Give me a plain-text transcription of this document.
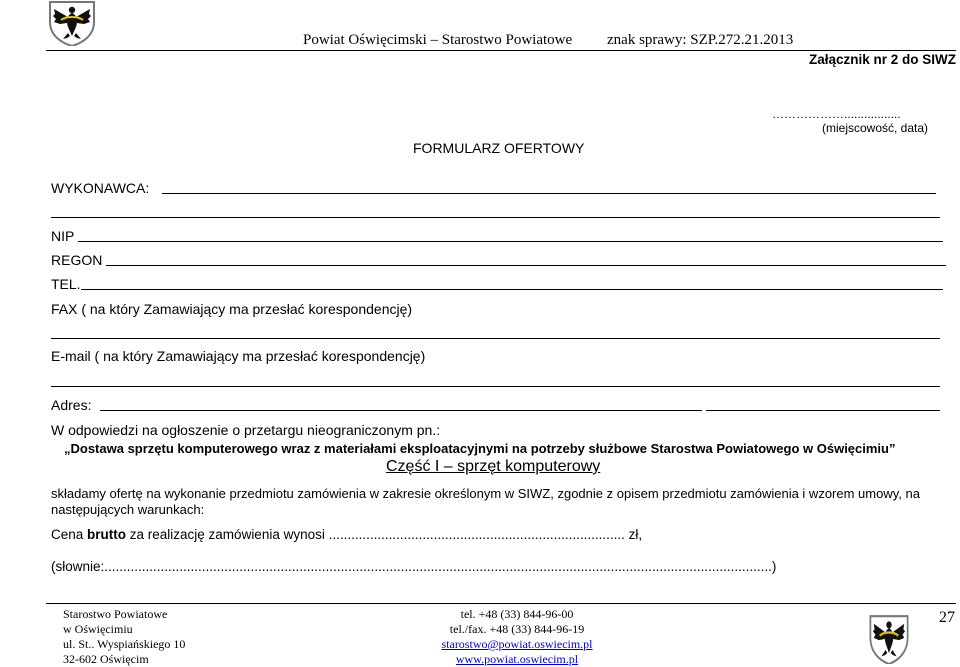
Powiat Oświęcimski – Starostwo Powiatowe znak sprawy: SZP.272.21.2013
Załącznik nr 2 do SIWZ
……………….................
(miejscowość, data)
FORMULARZ OFERTOWY
WYKONAWCA:
NIP
REGON
TEL.
FAX ( na który Zamawiający ma przesłać korespondencję)
E-mail ( na który Zamawiający ma przesłać korespondencję)
Adres:
W odpowiedzi na ogłoszenie o przetargu nieograniczonym pn.:
„Dostawa sprzętu komputerowego wraz z materiałami eksploatacyjnymi na potrzeby służbowe Starostwa Powiatowego w Oświęcimiu”
Część I – sprzęt komputerowy
składamy ofertę na wykonanie przedmiotu zamówienia w zakresie określonym w SIWZ, zgodnie z opisem przedmiotu zamówienia i wzorem umowy, na
następujących warunkach:
Cena brutto za realizację zamówienia wynosi ............................................................................... zł,
(słownie:..................................................................................................................................................................................)
Starostwo Powiatowe
w Oświęcimiu
ul. St.. Wyspiańskiego 10
32-602 Oświęcim
tel. +48 (33) 844-96-00
tel./fax. +48 (33) 844-96-19
starostwo@powiat.oswiecim.pl
www.powiat.oswiecim.pl
27
